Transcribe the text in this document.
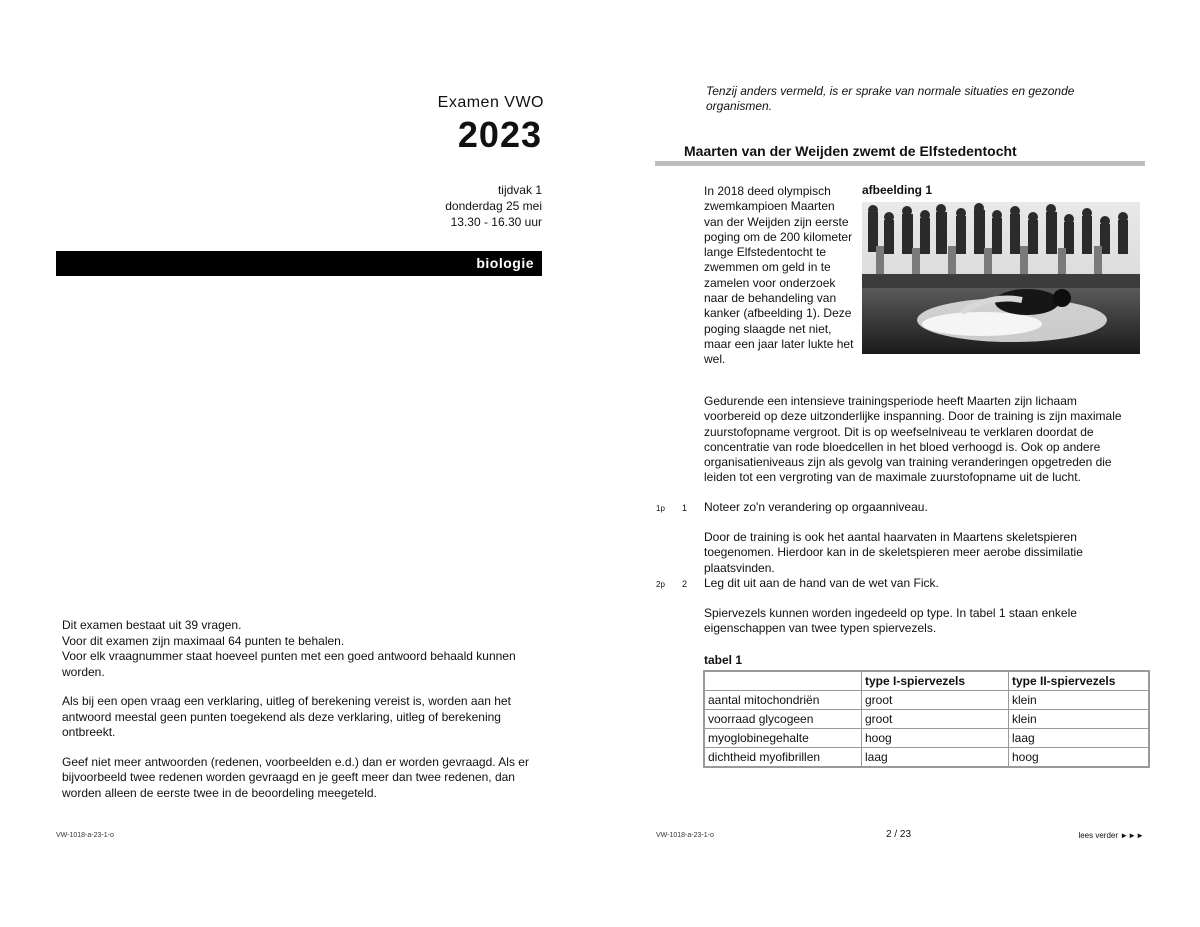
Examen VWO
2023
tijdvak 1
donderdag 25 mei
13.30 - 16.30 uur
biologie

Dit examen bestaat uit 39 vragen.
Voor dit examen zijn maximaal 64 punten te behalen.
Voor elk vraagnummer staat hoeveel punten met een goed antwoord behaald kunnen worden.

Als bij een open vraag een verklaring, uitleg of berekening vereist is, worden aan het antwoord meestal geen punten toegekend als deze verklaring, uitleg of berekening ontbreekt.

Geef niet meer antwoorden (redenen, voorbeelden e.d.) dan er worden gevraagd. Als er bijvoorbeeld twee redenen worden gevraagd en je geeft meer dan twee redenen, dan worden alleen de eerste twee in de beoordeling meegeteld.

VW-1018-a-23-1-o
Tenzij anders vermeld, is er sprake van normale situaties en gezonde organismen.
Maarten van der Weijden zwemt de Elfstedentocht
In 2018 deed olympisch zwemkampioen Maarten van der Weijden zijn eerste poging om de 200 kilometer lange Elfstedentocht te zwemmen om geld in te zamelen voor onderzoek naar de behandeling van kanker (afbeelding 1). Deze poging slaagde net niet, maar een jaar later lukte het wel.
afbeelding 1
Gedurende een intensieve trainingsperiode heeft Maarten zijn lichaam voorbereid op deze uitzonderlijke inspanning. Door de training is zijn maximale zuurstofopname vergroot. Dit is op weefselniveau te verklaren doordat de concentratie van rode bloedcellen in het bloed verhoogd is. Ook op andere organisatieniveaus zijn als gevolg van training veranderingen opgetreden die leiden tot een vergroting van de maximale zuurstofopname uit de lucht.
1p 1 Noteer zo'n verandering op orgaanniveau.
Door de training is ook het aantal haarvaten in Maartens skeletspieren toegenomen. Hierdoor kan in de skeletspieren meer aerobe dissimilatie plaatsvinden.
2p 2 Leg dit uit aan de hand van de wet van Fick.
Spiervezels kunnen worden ingedeeld op type. In tabel 1 staan enkele eigenschappen van twee typen spiervezels.
tabel 1
	type I-spiervezels	type II-spiervezels
aantal mitochondriën	groot	klein
voorraad glycogeen	groot	klein
myoglobinegehalte	hoog	laag
dichtheid myofibrillen	laag	hoog
VW-1018-a-23-1-o	2 / 23	lees verder ►►►
